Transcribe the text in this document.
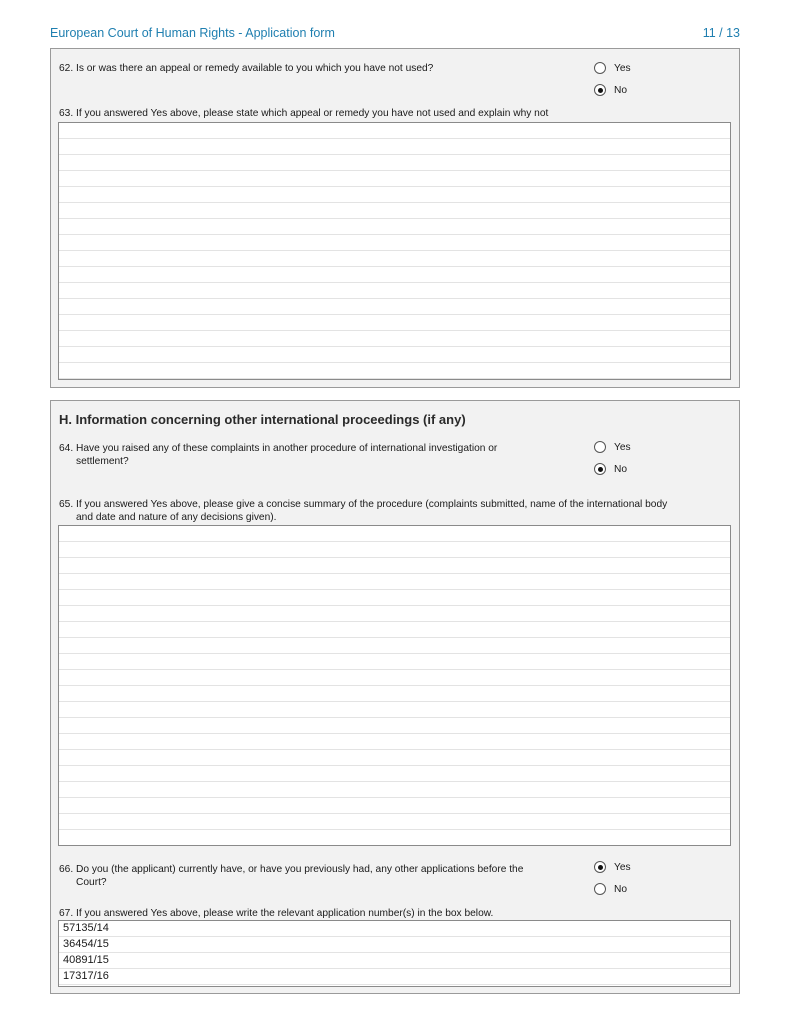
European Court of Human Rights - Application form	11 / 13
62. Is or was there an appeal or remedy available to you which you have not used?	Yes
No
63. If you answered Yes above, please state which appeal or remedy you have not used and explain why not
H. Information concerning other international proceedings (if any)
64. Have you raised any of these complaints in another procedure of international investigation or
settlement?
Yes
No
65. If you answered Yes above, please give a concise summary of the procedure (complaints submitted, name of the international body
and date and nature of any decisions given).
66. Do you (the applicant) currently have, or have you previously had, any other applications before the
Court?
Yes
No
67. If you answered Yes above, please write the relevant application number(s) in the box below.
57135/14
36454/15
40891/15
17317/16
